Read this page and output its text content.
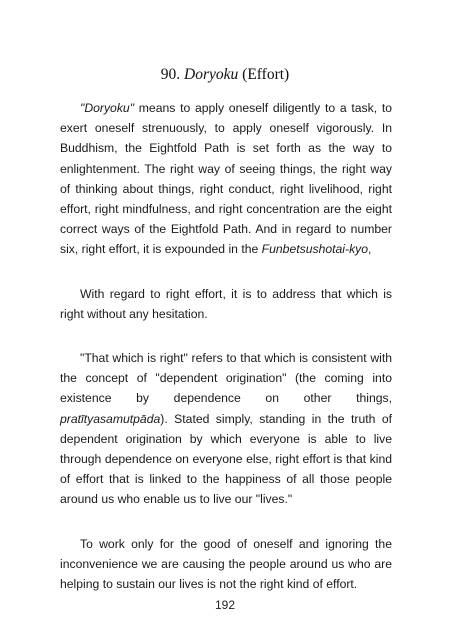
90. Doryoku (Effort)

"Doryoku" means to apply oneself diligently to a task, to exert oneself strenuously, to apply oneself vigorously. In Buddhism, the Eightfold Path is set forth as the way to enlightenment. The right way of seeing things, the right way of thinking about things, right conduct, right livelihood, right effort, right mindfulness, and right concentration are the eight correct ways of the Eightfold Path. And in regard to number six, right effort, it is expounded in the Funbetsushotai-kyo,

With regard to right effort, it is to address that which is right without any hesitation.

"That which is right" refers to that which is consistent with the concept of "dependent origination" (the coming into existence by dependence on other things, pratītyasamutpāda). Stated simply, standing in the truth of dependent origination by which everyone is able to live through dependence on everyone else, right effort is that kind of effort that is linked to the happiness of all those people around us who enable us to live our "lives."

To work only for the good of oneself and ignoring the inconvenience we are causing the people around us who are helping to sustain our lives is not the right kind of effort.

192
